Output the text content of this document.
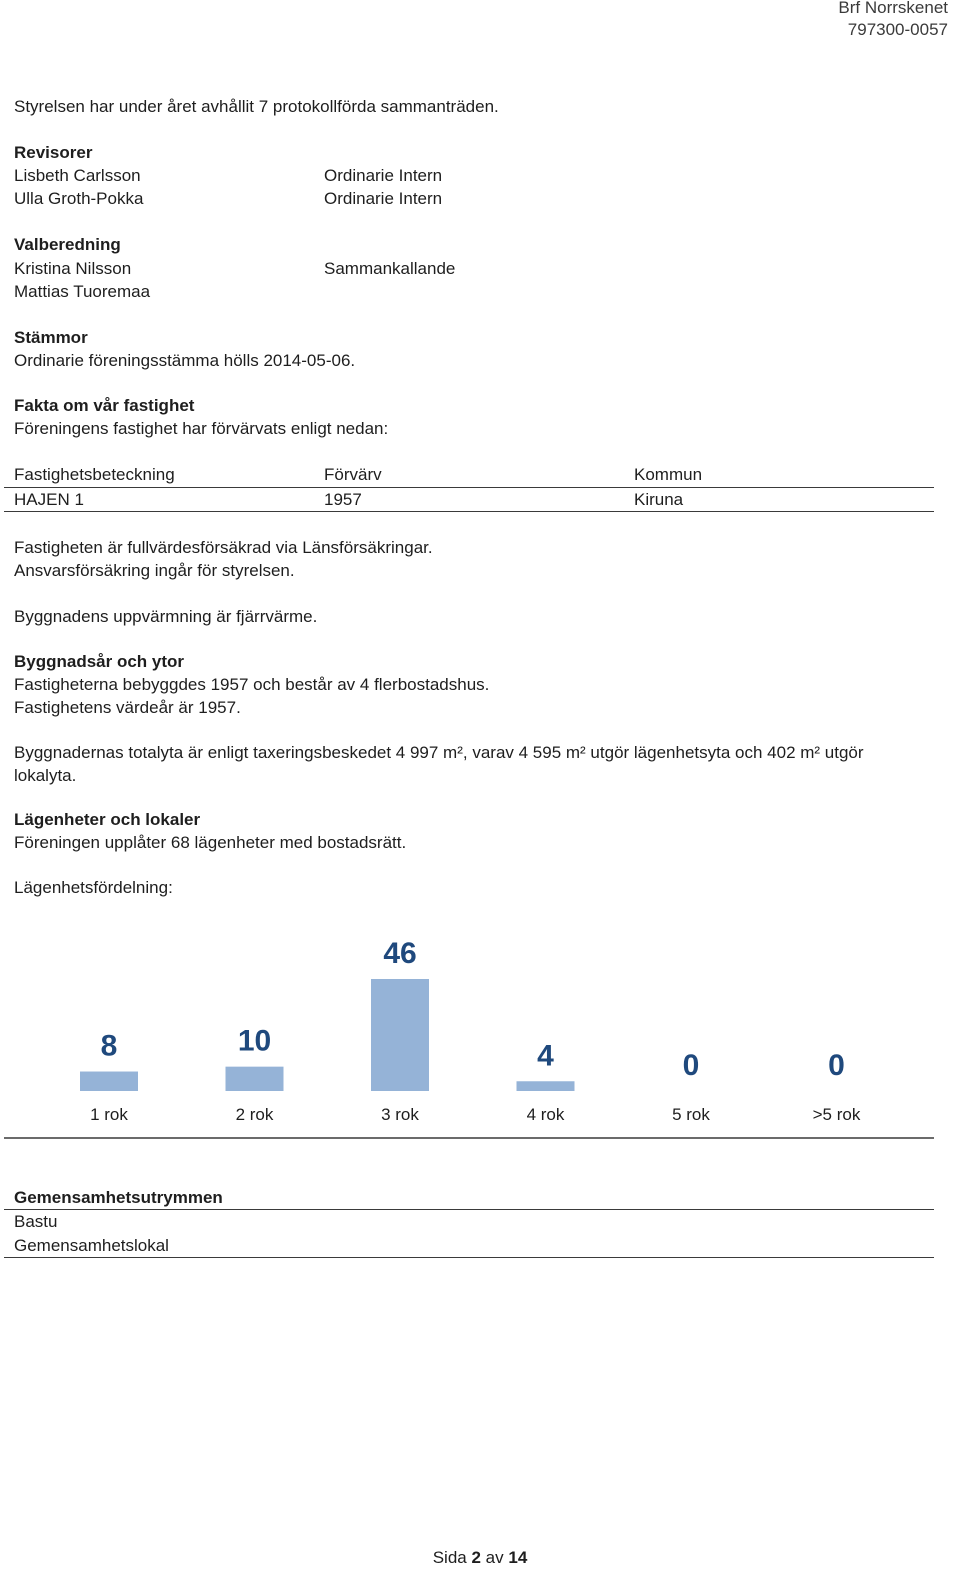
Brf Norrskenet
797300-0057
Styrelsen har under året avhållit 7 protokollförda sammanträden.
Revisorer
Lisbeth Carlsson	Ordinarie Intern
Ulla Groth-Pokka	Ordinarie Intern
Valberedning
Kristina Nilsson	Sammankallande
Mattias Tuoremaa
Stämmor
Ordinarie föreningsstämma hölls 2014-05-06.
Fakta om vår fastighet
Föreningens fastighet har förvärvats enligt nedan:
Fastighetsbeteckning	Förvärv	Kommun
HAJEN 1	1957	Kiruna
Fastigheten är fullvärdesförsäkrad via Länsförsäkringar.
Ansvarsförsäkring ingår för styrelsen.
Byggnadens uppvärmning är fjärrvärme.
Byggnadsår och ytor
Fastigheterna bebyggdes 1957 och består av 4 flerbostadshus.
Fastighetens värdeår är 1957.
Byggnadernas totalyta är enligt taxeringsbeskedet 4 997 m², varav 4 595 m² utgör lägenhetsyta och 402 m² utgör
lokalyta.
Lägenheter och lokaler
Föreningen upplåter 68 lägenheter med bostadsrätt.
Lägenhetsfördelning:
8
1 rok
10
2 rok
46
3 rok
4
4 rok
0
5 rok
0
>5 rok
Gemensamhetsutrymmen
Bastu
Gemensamhetslokal
Sida 2 av 14
